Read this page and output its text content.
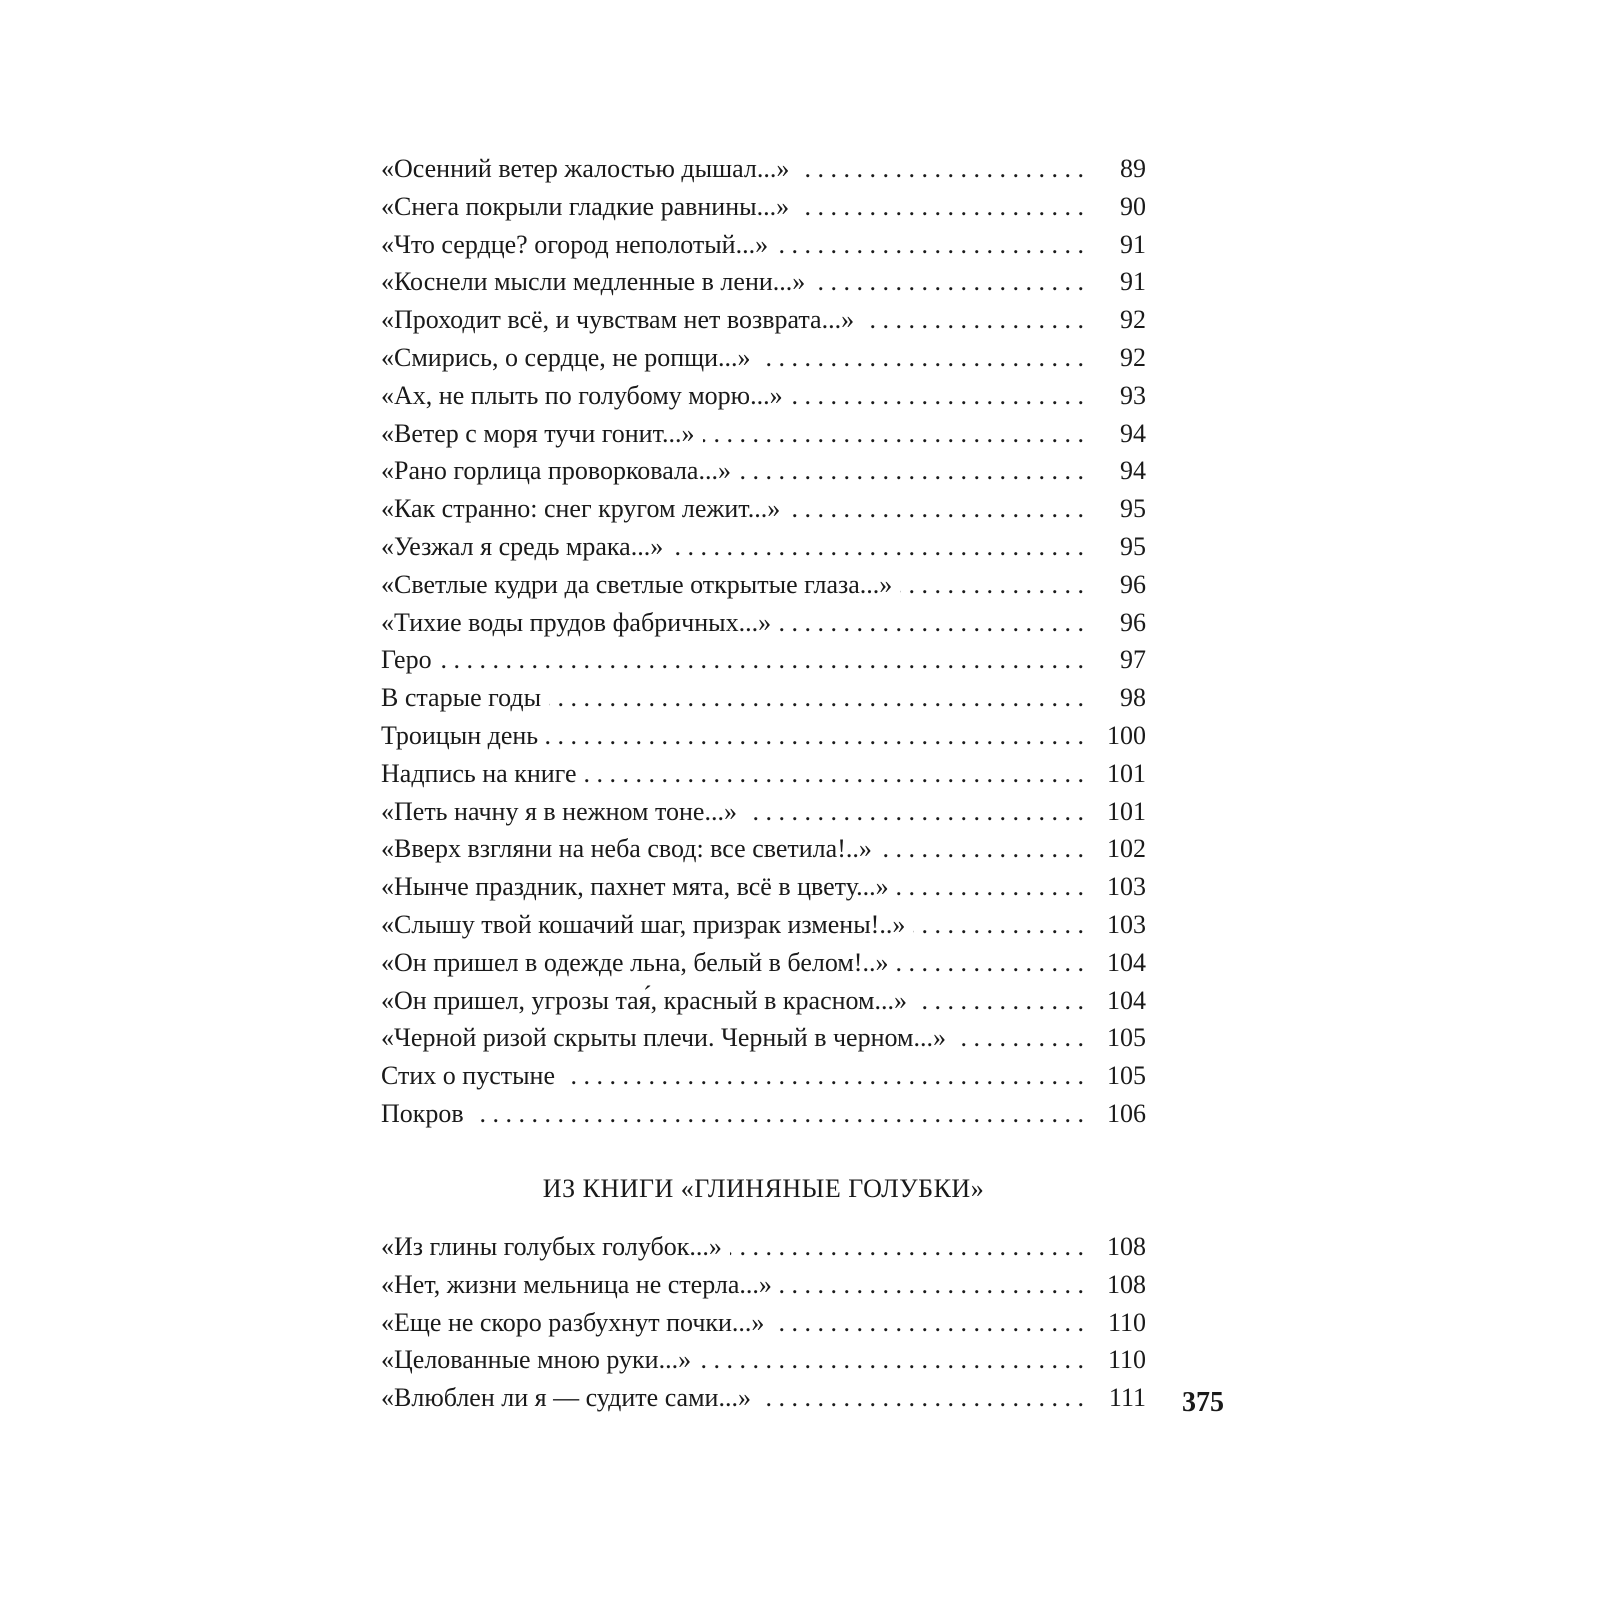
«Осенний ветер жалостью дышал...» . . .	89
«Снега покрыли гладкие равнины...» . . .	90
«Что сердце? огород неполотый...» . . .	91
«Коснели мысли медленные в лени...» . . .	91
«Проходит всё, и чувствам нет возврата...» . . .	92
«Смирись, о сердце, не ропщи...» . . .	92
«Ах, не плыть по голубому морю...» . . .	93
«Ветер с моря тучи гонит...» . . .	94
«Рано горлица проворковала...» . . .	94
«Как странно: снег кругом лежит...» . . .	95
«Уезжал я средь мрака...» . . .	95
«Светлые кудри да светлые открытые глаза...» . . .	96
«Тихие воды прудов фабричных...» . . .	96
Геро . . .	97
В старые годы . . .	98
Троицын день . . .	100
Надпись на книге . . .	101
«Петь начну я в нежном тоне...» . . .	101
«Вверх взгляни на неба свод: все светила!..» . . .	102
«Нынче праздник, пахнет мята, всё в цвету...» . . .	103
«Слышу твой кошачий шаг, призрак измены!..» . . .	103
«Он пришел в одежде льна, белый в белом!..» . . .	104
«Он пришел, угрозы тая́, красный в красном...» . . .	104
«Черной ризой скрыты плечи. Черный в черном...» . . .	105
Стих о пустыне . . .	105
Покров . . .	106
ИЗ КНИГИ «ГЛИНЯНЫЕ ГОЛУБКИ»
«Из глины голубых голубок...» . . .	108
«Нет, жизни мельница не стерла...» . . .	108
«Еще не скоро разбухнут почки...» . . .	110
«Целованные мною руки...» . . .	110
«Влюблен ли я — судите сами...» . . .	111 375
